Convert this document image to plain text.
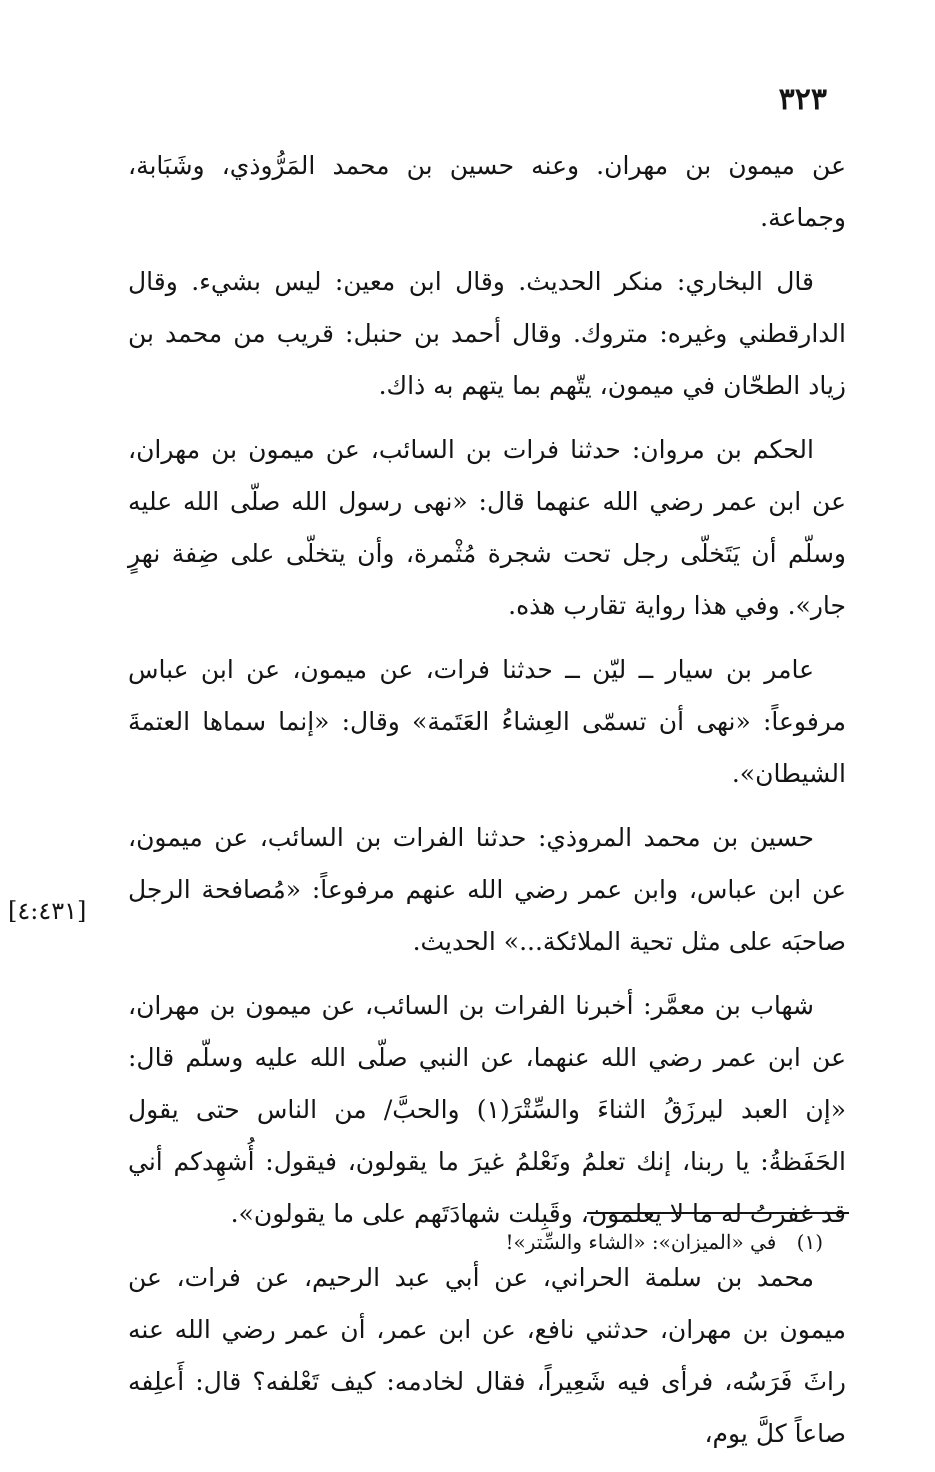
٣٢٣

عن ميمون بن مهران. وعنه حسين بن محمد المَرُّوذي، وشَبَابة، وجماعة.

قال البخاري: منكر الحديث. وقال ابن معين: ليس بشيء. وقال الدارقطني وغيره: متروك. وقال أحمد بن حنبل: قريب من محمد بن زياد الطحّان في ميمون، يتّهم بما يتهم به ذاك.

الحكم بن مروان: حدثنا فرات بن السائب، عن ميمون بن مهران، عن ابن عمر رضي الله عنهما قال: «نهى رسول الله صلّى الله عليه وسلّم أن يَتَخلّى رجل تحت شجرة مُثْمرة، وأن يتخلّى على ضِفة نهرٍ جار». وفي هذا رواية تقارب هذه.

عامر بن سيار ــ ليّن ــ حدثنا فرات، عن ميمون، عن ابن عباس مرفوعاً: «نهى أن تسمّى العِشاءُ العَتَمة» وقال: «إنما سماها العتمةَ الشيطان».

حسين بن محمد المروذي: حدثنا الفرات بن السائب، عن ميمون، عن ابن عباس، وابن عمر رضي الله عنهم مرفوعاً: «مُصافحة الرجل صاحبَه على مثل تحية الملائكة...» الحديث.

شهاب بن معمَّر: أخبرنا الفرات بن السائب، عن ميمون بن مهران، عن ابن عمر رضي الله عنهما، عن النبي صلّى الله عليه وسلّم قال: «إن العبد ليرزَقُ الثناءَ والسِّتْرَ(١) والحبَّ/ من الناس حتى يقول الحَفَظةُ: يا ربنا، إنك تعلمُ ونَعْلمُ غيرَ ما يقولون، فيقول: أُشهِدكم أني قد غفرتُ له ما لا يعلمون، وقَبِلت شهادَتَهم على ما يقولون».

محمد بن سلمة الحراني، عن أبي عبد الرحيم، عن فرات، عن ميمون بن مهران، حدثني نافع، عن ابن عمر، أن عمر رضي الله عنه راثَ فَرَسُه، فرأى فيه شَعِيراً، فقال لخادمه: كيف تَعْلفه؟ قال: أَعلِفه صاعاً كلَّ يوم،

[٤:٤٣١]
(١) في «الميزان»: «الشاء والسِّتر»!
